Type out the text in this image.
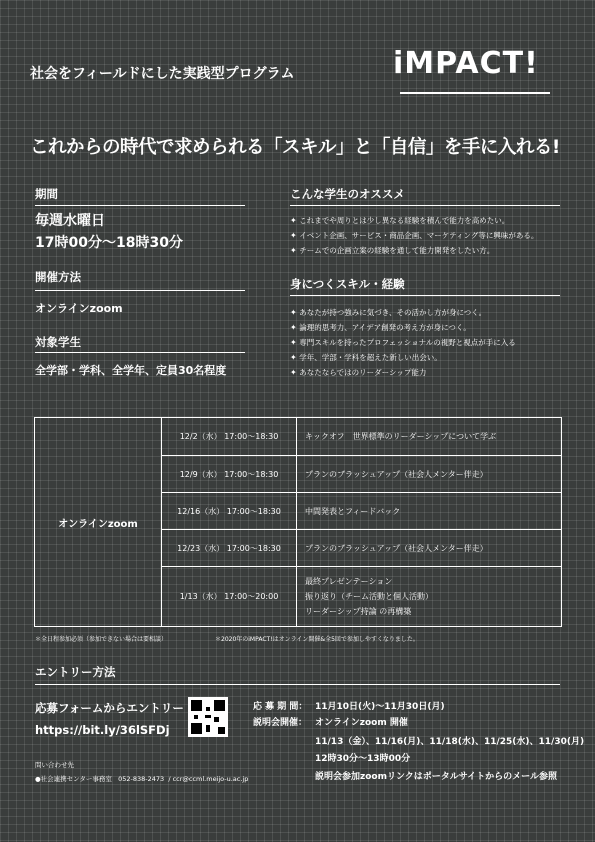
社会をフィールドにした実践型プログラム	iMPACT!
これからの時代で求められる「スキル」と「自信」を手に入れる!
期間
毎週水曜日
17時00分〜18時30分
開催方法
オンラインzoom
対象学生
全学部・学科、全学年、定員30名程度
こんな学生のオススメ
✦ これまでや周りとは少し異なる経験を積んで能力を高めたい。
✦ イベント企画、サービス・商品企画、マーケティング等に興味がある。
✦ チームでの企画立案の経験を通して能力開発をしたい方。
身につくスキル・経験
✦ あなたが持つ強みに気づき、その活かし方が身につく。
✦ 論理的思考力、アイデア創発の考え方が身につく。
✦ 専門スキルを持ったプロフェッショナルの視野と視点が手に入る
✦ 学年、学部・学科を超えた新しい出会い。
✦ あなたならではのリーダーシップ能力
オンラインzoom	12/2（水） 17:00〜18:30	キックオフ　世界標準のリーダーシップについて学ぶ

	12/9（水） 17:00〜18:30	プランのブラッシュアップ（社会人メンター伴走）

	12/16（水） 17:00〜18:30	中間発表とフィードバック

	12/23（水） 17:00〜18:30	プランのブラッシュアップ（社会人メンター伴走）

	1/13（水） 17:00〜20:00	最終プレゼンテーション
振り返り（チーム活動と個人活動）
リーダーシップ持論 の再構築
＊全日程参加必須（参加できない場合は要相談）	＊2020年のiMPACT!はオンライン開催&全5回で参加しやすくなりました。
エントリー方法
応募フォームからエントリー
https://bit.ly/36lSFDj
応 募 期 間： 11月10日(火)〜11月30日(月)
説明会開催： オンラインzoom 開催
11/13（金）、11/16(月)、11/18(水)、11/25(水)、11/30(月)
12時30分〜13時00分
説明会参加zoomリンクはポータルサイトからのメール参照
問い合わせ先
●社会連携センター事務室 052-838-2473 / ccr@ccml.meijo-u.ac.jp
